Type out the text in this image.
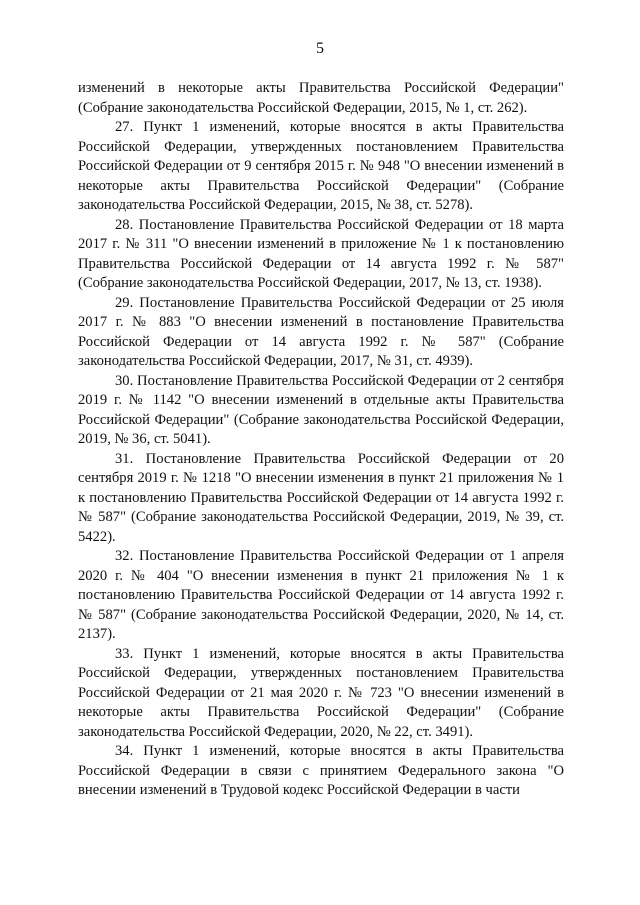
5

изменений в некоторые акты Правительства Российской Федерации" (Собрание законодательства Российской Федерации, 2015, № 1, ст. 262).

27. Пункт 1 изменений, которые вносятся в акты Правительства Российской Федерации, утвержденных постановлением Правительства Российской Федерации от 9 сентября 2015 г. № 948 "О внесении изменений в некоторые акты Правительства Российской Федерации" (Собрание законодательства Российской Федерации, 2015, № 38, ст. 5278).

28. Постановление Правительства Российской Федерации от 18 марта 2017 г. № 311 "О внесении изменений в приложение № 1 к постановлению Правительства Российской Федерации от 14 августа 1992 г. № 587" (Собрание законодательства Российской Федерации, 2017, № 13, ст. 1938).

29. Постановление Правительства Российской Федерации от 25 июля 2017 г. № 883 "О внесении изменений в постановление Правительства Российской Федерации от 14 августа 1992 г. № 587" (Собрание законодательства Российской Федерации, 2017, № 31, ст. 4939).

30. Постановление Правительства Российской Федерации от 2 сентября 2019 г. № 1142 "О внесении изменений в отдельные акты Правительства Российской Федерации" (Собрание законодательства Российской Федерации, 2019, № 36, ст. 5041).

31. Постановление Правительства Российской Федерации от 20 сентября 2019 г. № 1218 "О внесении изменения в пункт 21 приложения № 1 к постановлению Правительства Российской Федерации от 14 августа 1992 г. № 587" (Собрание законодательства Российской Федерации, 2019, № 39, ст. 5422).

32. Постановление Правительства Российской Федерации от 1 апреля 2020 г. № 404 "О внесении изменения в пункт 21 приложения № 1 к постановлению Правительства Российской Федерации от 14 августа 1992 г. № 587" (Собрание законодательства Российской Федерации, 2020, № 14, ст. 2137).

33. Пункт 1 изменений, которые вносятся в акты Правительства Российской Федерации, утвержденных постановлением Правительства Российской Федерации от 21 мая 2020 г. № 723 "О внесении изменений в некоторые акты Правительства Российской Федерации" (Собрание законодательства Российской Федерации, 2020, № 22, ст. 3491).

34. Пункт 1 изменений, которые вносятся в акты Правительства Российской Федерации в связи с принятием Федерального закона "О внесении изменений в Трудовой кодекс Российской Федерации в части
